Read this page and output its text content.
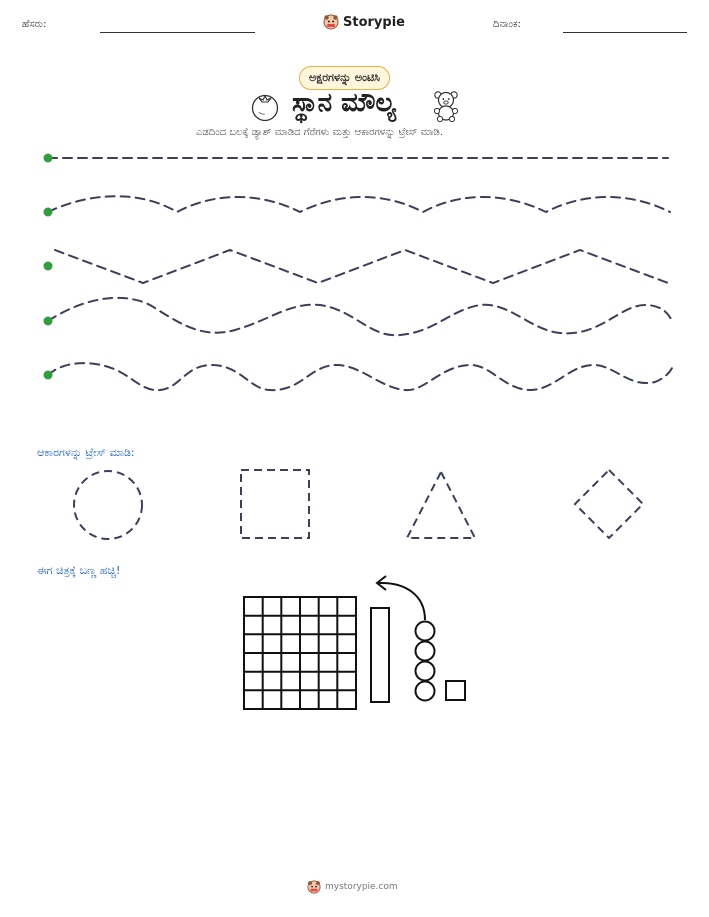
ಹೆಸರು:	Storypie	ದಿನಾಂಕ:
ಅಕ್ಷರಗಳನ್ನು ಅಂಟಿಸಿ
ಸ್ಥಾನ ಮೌಲ್ಯ
ಎಡದಿಂದ ಬಲಕ್ಕೆ ಡ್ಯಾಶ್ ಮಾಡಿದ ಗೆರೆಗಳು ಮತ್ತು ಆಕಾರಗಳನ್ನು ಟ್ರೇಸ್ ಮಾಡಿ.
ಆಕಾರಗಳನ್ನು ಟ್ರೇಸ್ ಮಾಡಿ:
ಈಗ ಚಿತ್ರಕ್ಕೆ ಬಣ್ಣ ಹಚ್ಚಿ!
mystorypie.com
